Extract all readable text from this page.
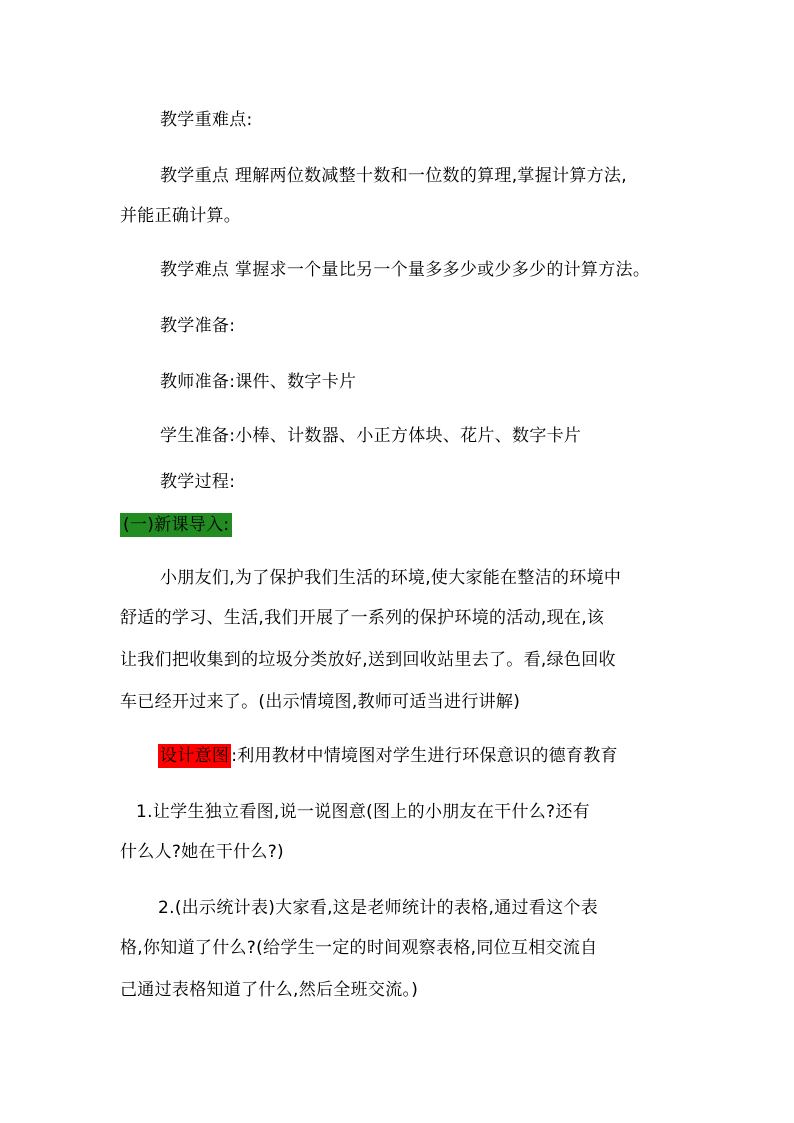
教学重难点:
教学重点 理解两位数减整十数和一位数的算理,掌握计算方法,
并能正确计算。
教学难点 掌握求一个量比另一个量多多少或少多少的计算方法。
教学准备:
教师准备:课件、数字卡片
学生准备:小棒、计数器、小正方体块、花片、数字卡片
教学过程:
(一)新课导入:
小朋友们,为了保护我们生活的环境,使大家能在整洁的环境中
舒适的学习、生活,我们开展了一系列的保护环境的活动,现在,该
让我们把收集到的垃圾分类放好,送到回收站里去了。看,绿色回收
车已经开过来了。(出示情境图,教师可适当进行讲解)
设计意图 :利用教材中情境图对学生进行环保意识的德育教育
1.让学生独立看图,说一说图意(图上的小朋友在干什么?还有
什么人?她在干什么?)
2.(出示统计表)大家看,这是老师统计的表格,通过看这个表
格,你知道了什么?(给学生一定的时间观察表格,同位互相交流自
己通过表格知道了什么,然后全班交流。)
